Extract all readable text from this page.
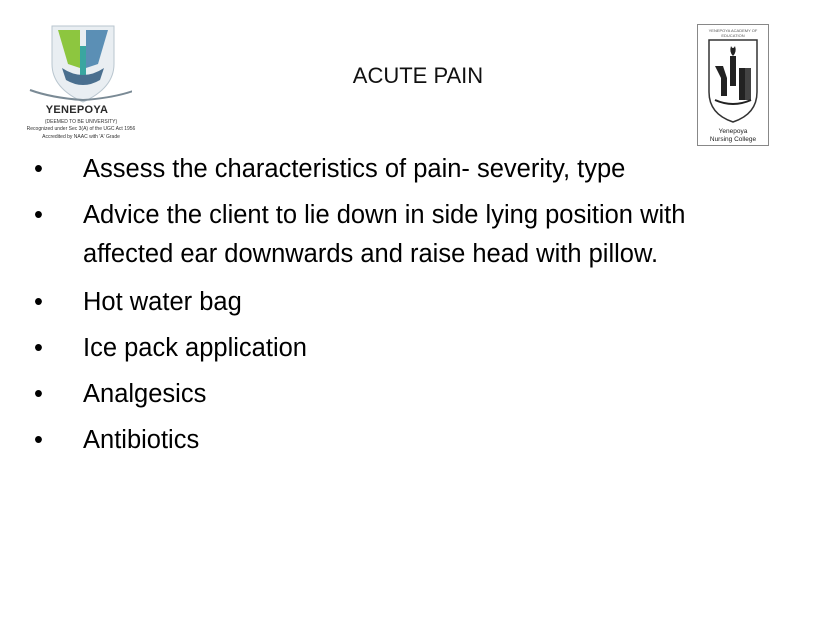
YENEPOYA
(DEEMED TO BE UNIVERSITY)
Recognized under Sec 3(A) of the UGC Act 1956
Accredited by NAAC with 'A' Grade
YENEPOYA ACADEMY OF EDUCATION
Yenepoya
Nursing College
ACUTE PAIN
• Assess the characteristics of pain- severity, type
• Advice the client to lie down in side lying position with affected ear downwards and raise head with pillow.
• Hot water bag
• Ice pack application
• Analgesics
• Antibiotics
